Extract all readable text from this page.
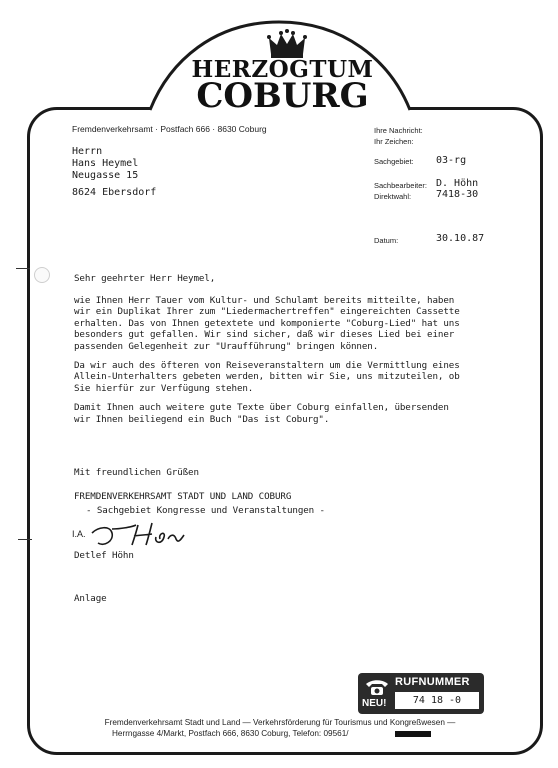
HERZOGTUM
COBURG
Fremdenverkehrsamt · Postfach 666 · 8630 Coburg
Herrn
Hans Heymel
Neugasse 15
8624 Ebersdorf
Ihre Nachricht:
Ihr Zeichen:
Sachgebiet: 03-rg
Sachbearbeiter: D. Höhn
Direktwahl: 7418-30
Datum:	30.10.87
Sehr geehrter Herr Heymel,

wie Ihnen Herr Tauer vom Kultur- und Schulamt bereits mitteilte, haben wir ein Duplikat Ihrer zum "Liedermachertreffen" eingereichten Cassette erhalten. Das von Ihnen getextete und komponierte "Coburg-Lied" hat uns besonders gut gefallen. Wir sind sicher, daß wir dieses Lied bei einer passenden Gelegenheit zur "Uraufführung" bringen können.

Da wir auch des öfteren von Reiseveranstaltern um die Vermittlung eines Allein-Unterhalters gebeten werden, bitten wir Sie, uns mitzuteilen, ob Sie hierfür zur Verfügung stehen.

Damit Ihnen auch weitere gute Texte über Coburg einfallen, übersenden wir Ihnen beiliegend ein Buch "Das ist Coburg".

Mit freundlichen Grüßen
FREMDENVERKEHRSAMT STADT UND LAND COBURG
- Sachgebiet Kongresse und Veranstaltungen -
I.A.
Detlef Höhn
Anlage
RUFNUMMER
NEU!	74 18 -0
Fremdenverkehrsamt Stadt und Land — Verkehrsförderung für Tourismus und Kongreßwesen —
Herrngasse 4/Markt, Postfach 666, 8630 Coburg, Telefon: 09561/
